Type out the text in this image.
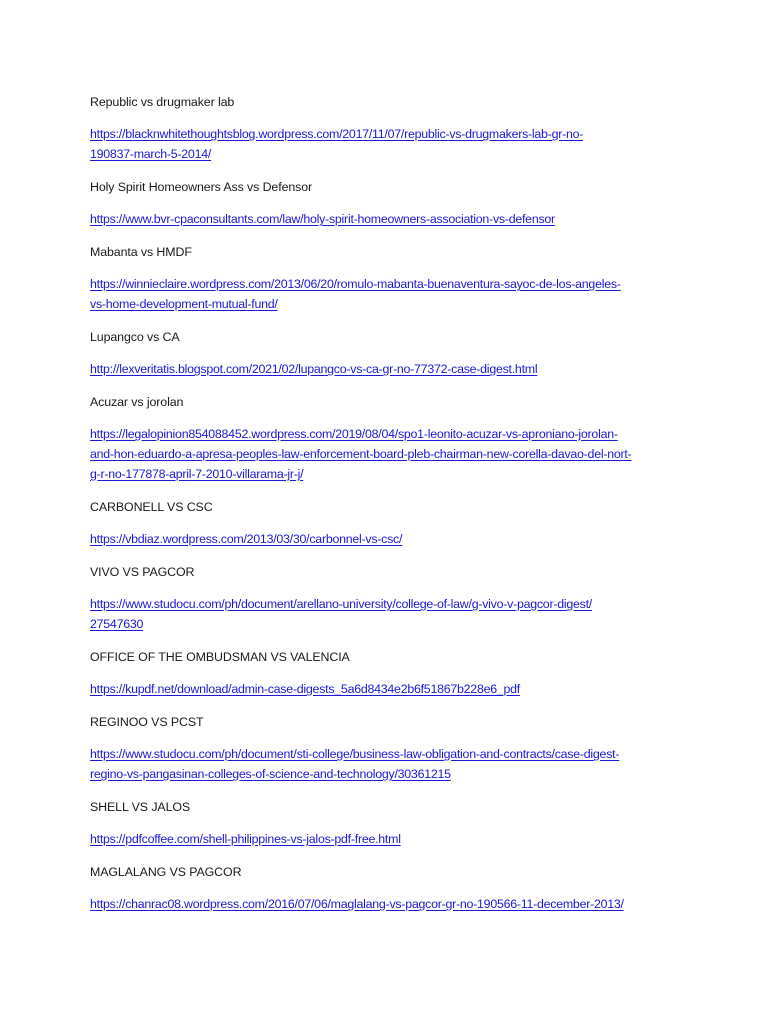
Republic vs drugmaker lab

https://blacknwhitethoughtsblog.wordpress.com/2017/11/07/republic-vs-drugmakers-lab-gr-no-
190837-march-5-2014/

Holy Spirit Homeowners Ass vs Defensor

https://www.bvr-cpaconsultants.com/law/holy-spirit-homeowners-association-vs-defensor

Mabanta vs HMDF

https://winnieclaire.wordpress.com/2013/06/20/romulo-mabanta-buenaventura-sayoc-de-los-angeles-
vs-home-development-mutual-fund/

Lupangco vs CA

http://lexveritatis.blogspot.com/2021/02/lupangco-vs-ca-gr-no-77372-case-digest.html

Acuzar vs jorolan

https://legalopinion854088452.wordpress.com/2019/08/04/spo1-leonito-acuzar-vs-aproniano-jorolan-
and-hon-eduardo-a-apresa-peoples-law-enforcement-board-pleb-chairman-new-corella-davao-del-nort-
g-r-no-177878-april-7-2010-villarama-jr-j/

CARBONELL VS CSC

https://vbdiaz.wordpress.com/2013/03/30/carbonnel-vs-csc/

VIVO VS PAGCOR

https://www.studocu.com/ph/document/arellano-university/college-of-law/g-vivo-v-pagcor-digest/
27547630

OFFICE OF THE OMBUDSMAN VS VALENCIA

https://kupdf.net/download/admin-case-digests_5a6d8434e2b6f51867b228e6_pdf

REGINOO VS PCST

https://www.studocu.com/ph/document/sti-college/business-law-obligation-and-contracts/case-digest-
regino-vs-pangasinan-colleges-of-science-and-technology/30361215

SHELL VS JALOS

https://pdfcoffee.com/shell-philippines-vs-jalos-pdf-free.html

MAGLALANG VS PAGCOR

https://chanrac08.wordpress.com/2016/07/06/maglalang-vs-pagcor-gr-no-190566-11-december-2013/
